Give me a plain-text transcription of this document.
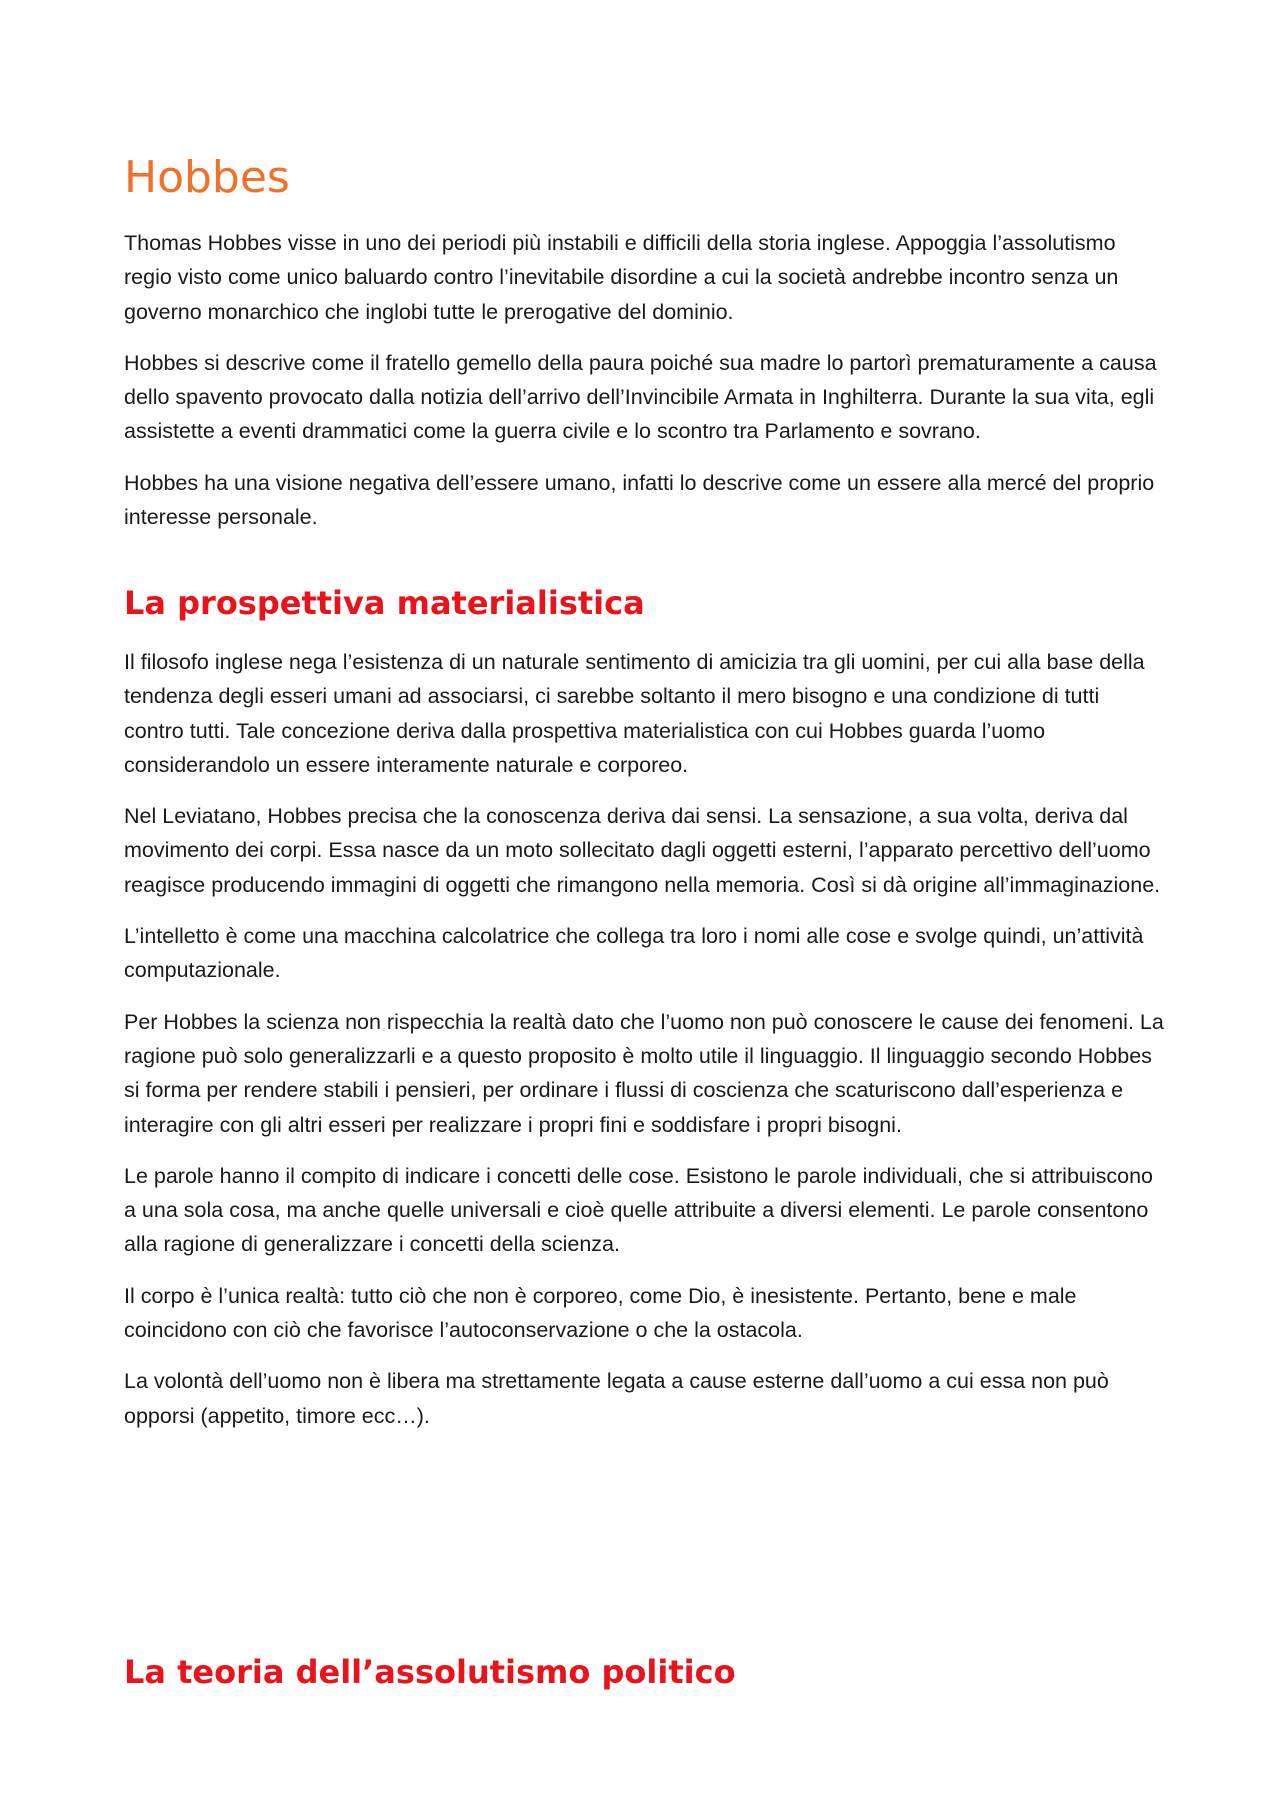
Hobbes

Thomas Hobbes visse in uno dei periodi più instabili e difficili della storia inglese. Appoggia l’assolutismo regio visto come unico baluardo contro l’inevitabile disordine a cui la società andrebbe incontro senza un governo monarchico che inglobi tutte le prerogative del dominio.

Hobbes si descrive come il fratello gemello della paura poiché sua madre lo partorì prematuramente a causa dello spavento provocato dalla notizia dell’arrivo dell’Invincibile Armata in Inghilterra. Durante la sua vita, egli assistette a eventi drammatici come la guerra civile e lo scontro tra Parlamento e sovrano.

Hobbes ha una visione negativa dell’essere umano, infatti lo descrive come un essere alla mercé del proprio interesse personale.

La prospettiva materialistica

Il filosofo inglese nega l’esistenza di un naturale sentimento di amicizia tra gli uomini, per cui alla base della tendenza degli esseri umani ad associarsi, ci sarebbe soltanto il mero bisogno e una condizione di tutti contro tutti. Tale concezione deriva dalla prospettiva materialistica con cui Hobbes guarda l’uomo considerandolo un essere interamente naturale e corporeo.

Nel Leviatano, Hobbes precisa che la conoscenza deriva dai sensi. La sensazione, a sua volta, deriva dal movimento dei corpi. Essa nasce da un moto sollecitato dagli oggetti esterni, l’apparato percettivo dell’uomo reagisce producendo immagini di oggetti che rimangono nella memoria. Così si dà origine all’immaginazione.

L’intelletto è come una macchina calcolatrice che collega tra loro i nomi alle cose e svolge quindi, un’attività computazionale.

Per Hobbes la scienza non rispecchia la realtà dato che l’uomo non può conoscere le cause dei fenomeni. La ragione può solo generalizzarli e a questo proposito è molto utile il linguaggio. Il linguaggio secondo Hobbes si forma per rendere stabili i pensieri, per ordinare i flussi di coscienza che scaturiscono dall’esperienza e interagire con gli altri esseri per realizzare i propri fini e soddisfare i propri bisogni.

Le parole hanno il compito di indicare i concetti delle cose. Esistono le parole individuali, che si attribuiscono a una sola cosa, ma anche quelle universali e cioè quelle attribuite a diversi elementi. Le parole consentono alla ragione di generalizzare i concetti della scienza.

Il corpo è l’unica realtà: tutto ciò che non è corporeo, come Dio, è inesistente. Pertanto, bene e male coincidono con ciò che favorisce l’autoconservazione o che la ostacola.

La volontà dell’uomo non è libera ma strettamente legata a cause esterne dall’uomo a cui essa non può opporsi (appetito, timore ecc…).

La teoria dell’assolutismo politico
